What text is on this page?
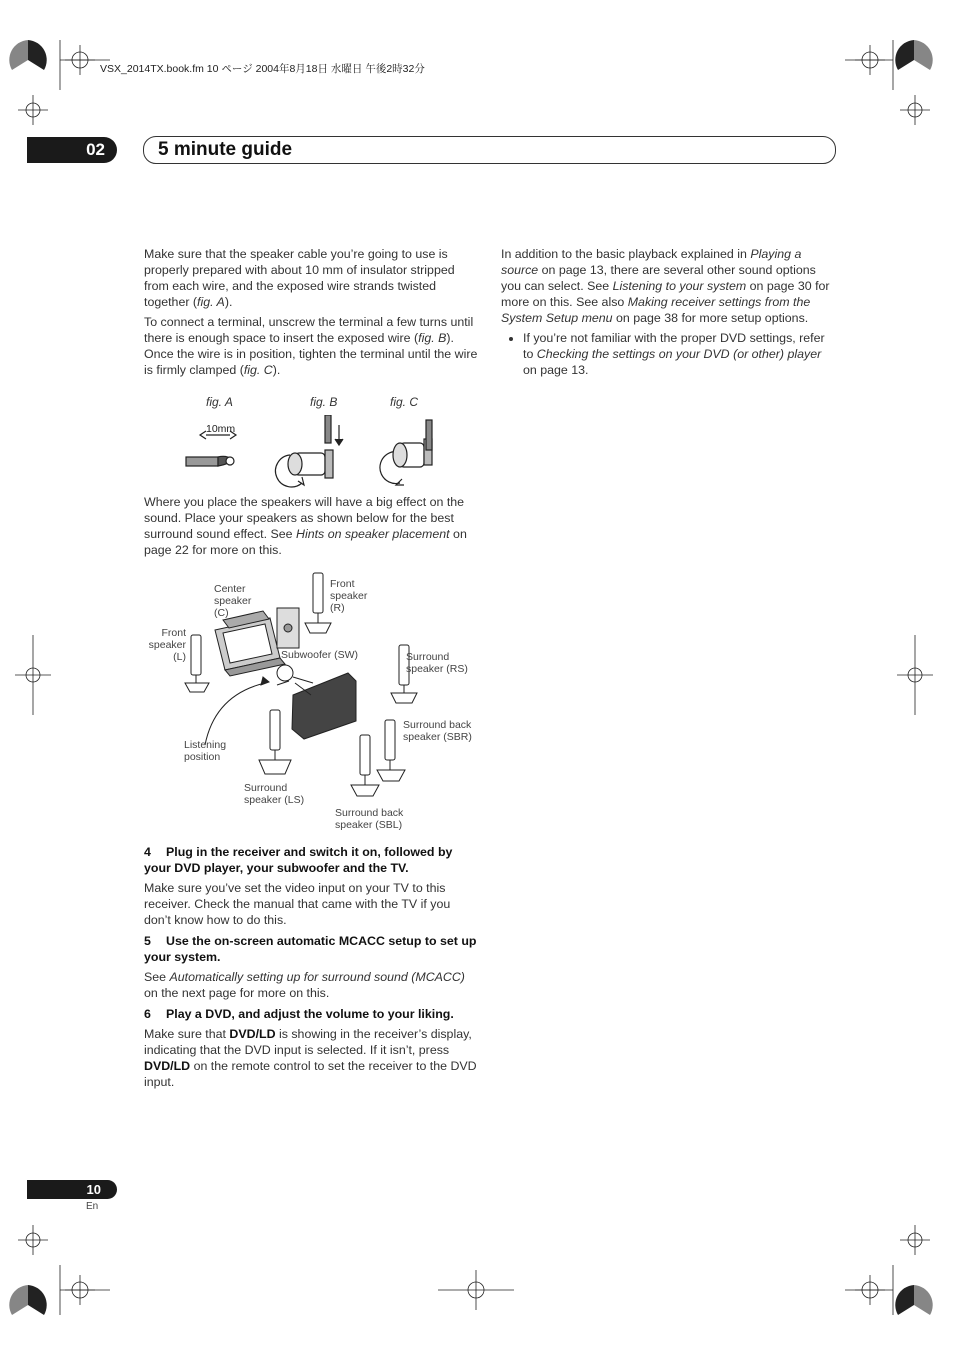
VSX_2014TX.book.fm 10 ページ 2004年8月18日 水曜日 午後2時32分
02	5 minute guide

Make sure that the speaker cable you’re going to use is properly prepared with about 10 mm of insulator stripped from each wire, and the exposed wire strands twisted together (fig. A).

To connect a terminal, unscrew the terminal a few turns until there is enough space to insert the exposed wire (fig. B). Once the wire is in position, tighten the terminal until the wire is firmly clamped (fig. C).

fig. A	fig. B	fig. C
10mm

Where you place the speakers will have a big effect on the sound. Place your speakers as shown below for the best surround sound effect. See Hints on speaker placement on page 22 for more on this.

Center speaker (C)
Front speaker (R)
Front speaker (L)	Subwoofer (SW)	Surround speaker (RS)
Surround back speaker (SBR)
Listening position
Surround speaker (LS)
Surround back speaker (SBL)

4 Plug in the receiver and switch it on, followed by your DVD player, your subwoofer and the TV.

Make sure you’ve set the video input on your TV to this receiver. Check the manual that came with the TV if you don’t know how to do this.

5 Use the on-screen automatic MCACC setup to set up your system.

See Automatically setting up for surround sound (MCACC) on the next page for more on this.

6 Play a DVD, and adjust the volume to your liking.

Make sure that DVD/LD is showing in the receiver’s display, indicating that the DVD input is selected. If it isn’t, press DVD/LD on the remote control to set the receiver to the DVD input.

In addition to the basic playback explained in Playing a source on page 13, there are several other sound options you can select. See Listening to your system on page 30 for more on this. See also Making receiver settings from the System Setup menu on page 38 for more setup options.

• If you’re not familiar with the proper DVD settings, refer to Checking the settings on your DVD (or other) player on page 13.
10
En
